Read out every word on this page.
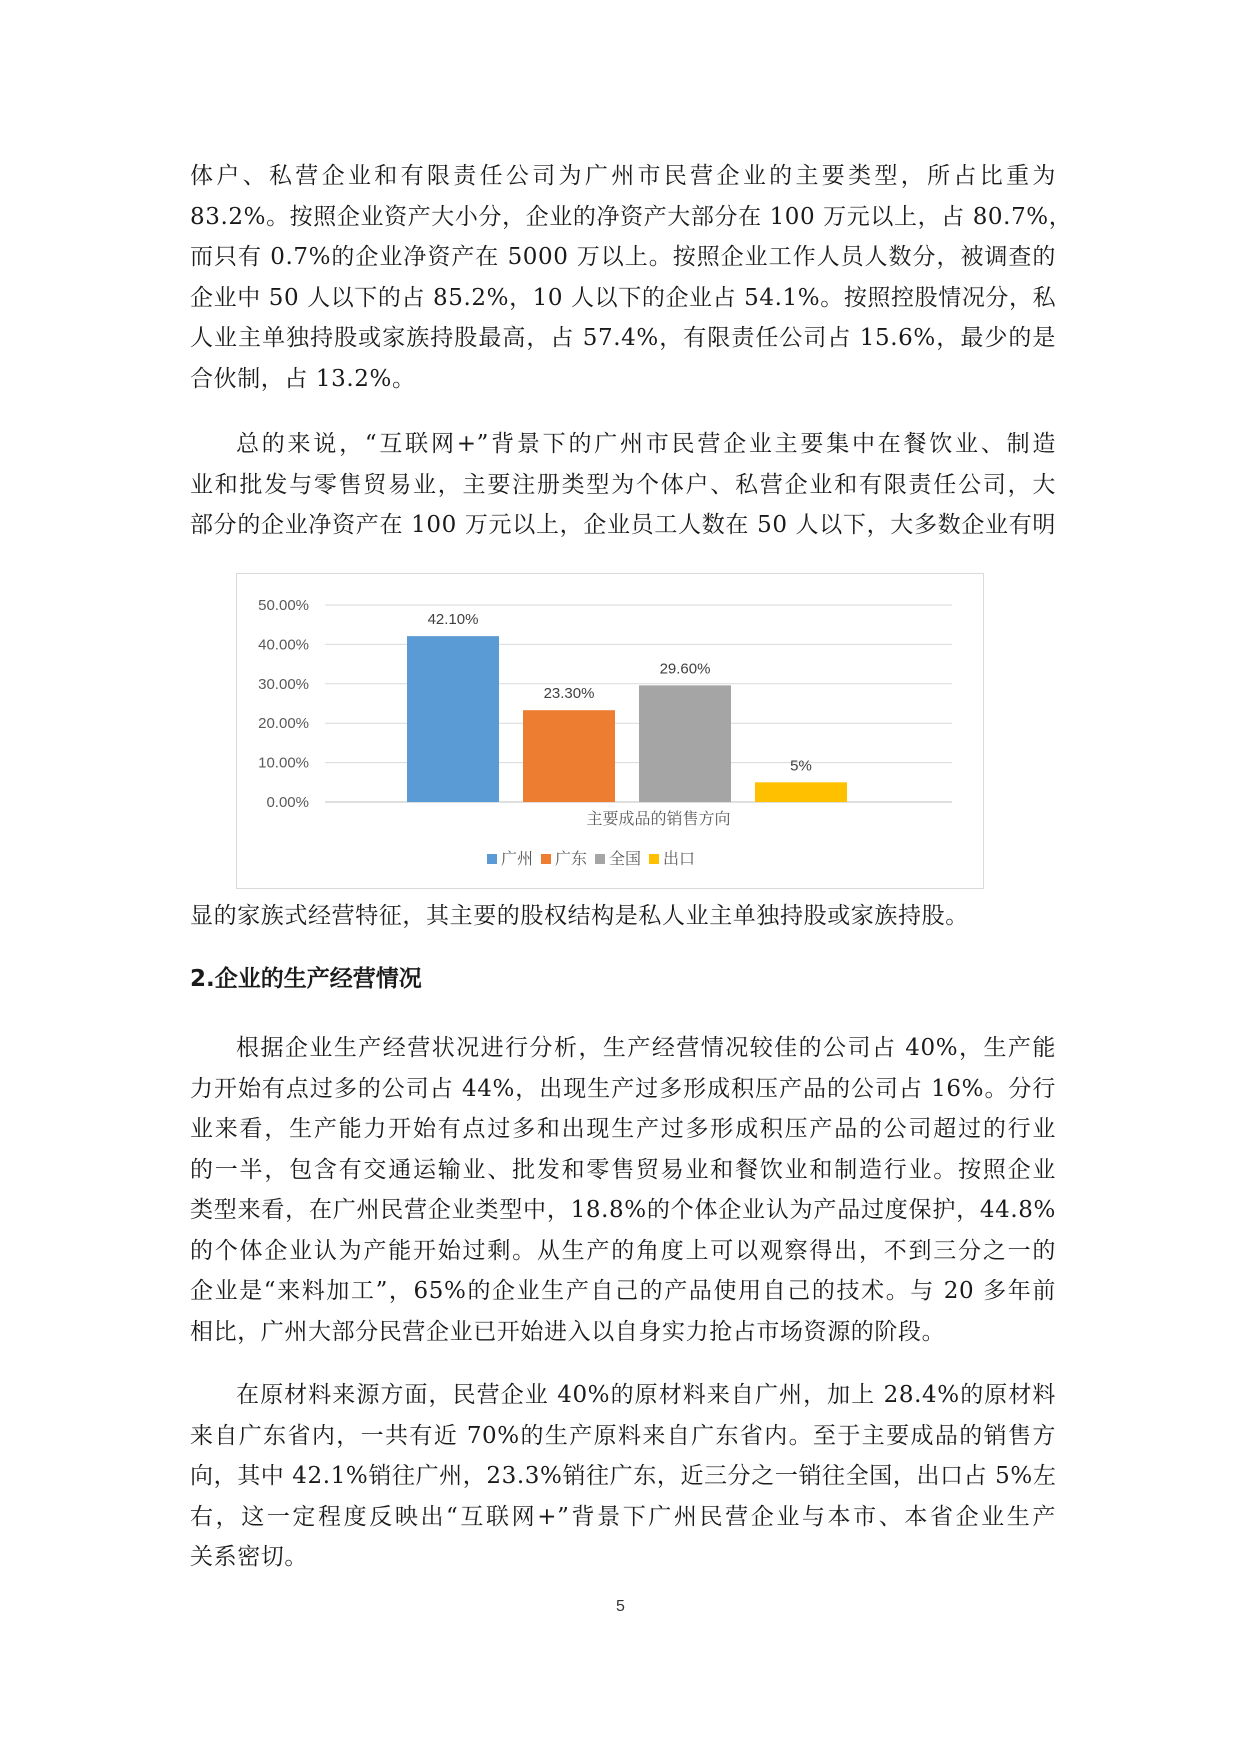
体户、私营企业和有限责任公司为广州市民营企业的主要类型，所占比重为
83.2%。按照企业资产大小分，企业的净资产大部分在 100 万元以上，占 80.7%，
而只有 0.7%的企业净资产在 5000 万以上。按照企业工作人员人数分，被调查的
企业中 50 人以下的占 85.2%，10 人以下的企业占 54.1%。按照控股情况分，私
人业主单独持股或家族持股最高，占 57.4%，有限责任公司占 15.6%，最少的是
合伙制，占 13.2%。
总的来说，“互联网+”背景下的广州市民营企业主要集中在餐饮业、制造
业和批发与零售贸易业，主要注册类型为个体户、私营企业和有限责任公司，大
部分的企业净资产在 100 万元以上，企业员工人数在 50 人以下，大多数企业有明
0.00%
10.00%
20.00%
30.00%
40.00%
50.00%
42.10%
23.30%
29.60%
5%
主要成品的销售方向
广州 广东 全国 出口
显的家族式经营特征，其主要的股权结构是私人业主单独持股或家族持股。
2.企业的生产经营情况
根据企业生产经营状况进行分析，生产经营情况较佳的公司占 40%，生产能
力开始有点过多的公司占 44%，出现生产过多形成积压产品的公司占 16%。分行
业来看，生产能力开始有点过多和出现生产过多形成积压产品的公司超过的行业
的一半，包含有交通运输业、批发和零售贸易业和餐饮业和制造行业。按照企业
类型来看，在广州民营企业类型中，18.8%的个体企业认为产品过度保护，44.8%
的个体企业认为产能开始过剩。从生产的角度上可以观察得出，不到三分之一的
企业是“来料加工”，65%的企业生产自己的产品使用自己的技术。与 20 多年前
相比，广州大部分民营企业已开始进入以自身实力抢占市场资源的阶段。
在原材料来源方面，民营企业 40%的原材料来自广州，加上 28.4%的原材料
来自广东省内，一共有近 70%的生产原料来自广东省内。至于主要成品的销售方
向，其中 42.1%销往广州，23.3%销往广东，近三分之一销往全国，出口占 5%左
右，这一定程度反映出“互联网+”背景下广州民营企业与本市、本省企业生产
关系密切。
5
